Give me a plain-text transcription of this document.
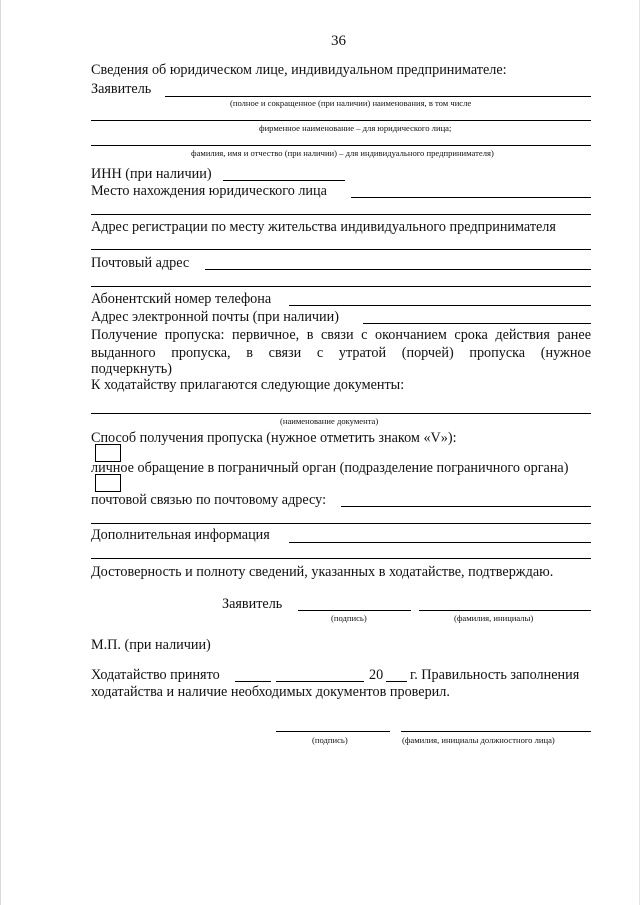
36
Сведения об юридическом лице, индивидуальном предпринимателе:
Заявитель
(полное и сокращенное (при наличии) наименования, в том числе
фирменное наименование – для юридического лица;
фамилия, имя и отчество (при наличии) – для индивидуального предпринимателя)
ИНН (при наличии)
Место нахождения юридического лица
Адрес регистрации по месту жительства индивидуального предпринимателя
Почтовый адрес
Абонентский номер телефона
Адрес электронной почты (при наличии)
Получение пропуска: первичное, в связи с окончанием срока действия ранее
выданного пропуска, в связи с утратой (порчей) пропуска (нужное
подчеркнуть)
К ходатайству прилагаются следующие документы:
(наименование документа)
Способ получения пропуска (нужное отметить знаком «V»):
личное обращение в пограничный орган (подразделение пограничного органа)
почтовой связью по почтовому адресу:
Дополнительная информация
Достоверность и полноту сведений, указанных в ходатайстве, подтверждаю.
Заявитель
(подпись)	(фамилия, инициалы)
М.П. (при наличии)
Ходатайство принято	20 г. Правильность заполнения
ходатайства и наличие необходимых документов проверил.
(подпись)	(фамилия, инициалы должностного лица)
